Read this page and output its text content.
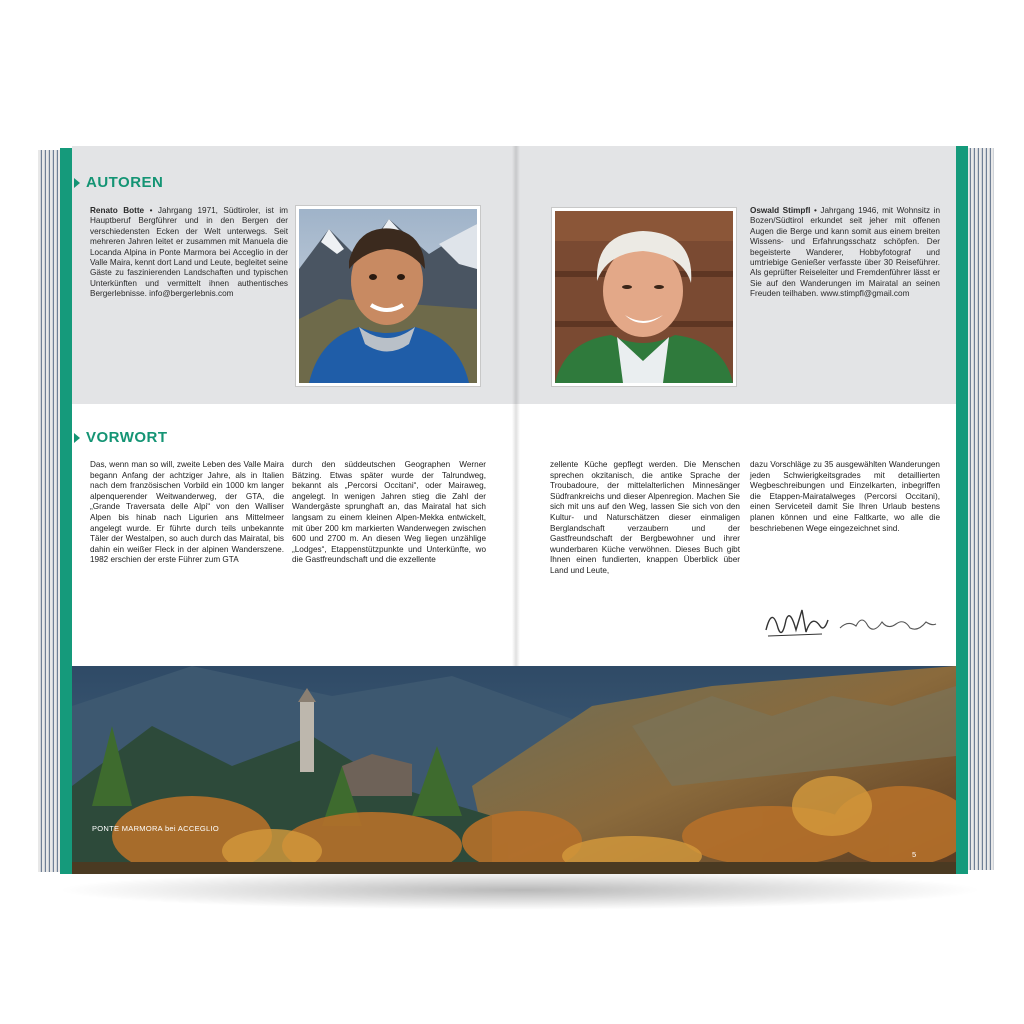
AUTOREN
Renato Botte • Jahrgang 1971, Südtiroler, ist im Hauptberuf Bergführer und in den Bergen der verschiedensten Ecken der Welt unterwegs. Seit mehreren Jahren leitet er zusammen mit Manuela die Locanda Alpina in Ponte Marmora bei Acceglio in der Valle Maira, kennt dort Land und Leute, begleitet seine Gäste zu faszinierenden Landschaften und typischen Unterkünften und vermittelt ihnen authentisches Bergerlebnisse. info@bergerlebnis.com
Oswald Stimpfl • Jahrgang 1946, mit Wohnsitz in Bozen/Südtirol erkundet seit jeher mit offenen Augen die Berge und kann somit aus einem breiten Wissens- und Erfahrungsschatz schöpfen. Der begeisterte Wanderer, Hobbyfotograf und umtriebige Genießer verfasste über 30 Reiseführer. Als geprüfter Reiseleiter und Fremdenführer lässt er Sie auf den Wanderungen im Mairatal an seinen Freuden teilhaben. www.stimpfl@gmail.com
VORWORT
Das, wenn man so will, zweite Leben des Valle Maira begann Anfang der achtziger Jahre, als in Italien nach dem französischen Vorbild ein 1000 km langer alpenquerender Weitwanderweg, der GTA, die „Grande Traversata delle Alpi“ von den Walliser Alpen bis hinab nach Ligurien ans Mittelmeer angelegt wurde. Er führte durch teils unbekannte Täler der Westalpen, so auch durch das Mairatal, bis dahin ein weißer Fleck in der alpinen Wanderszene. 1982 erschien der erste Führer zum GTA
durch den süddeutschen Geographen Werner Bätzing. Etwas später wurde der Talrundweg, bekannt als „Percorsi Occitani“, oder Mairaweg, angelegt. In wenigen Jahren stieg die Zahl der Wandergäste sprunghaft an, das Mairatal hat sich langsam zu einem kleinen Alpen-Mekka entwickelt, mit über 200 km markierten Wanderwegen zwischen 600 und 2700 m. An diesen Weg liegen unzählige „Lodges“, Etappenstützpunkte und Unterkünfte, wo die Gastfreundschaft und die exzellente
zellente Küche gepflegt werden. Die Menschen sprechen okzitanisch, die antike Sprache der Troubadoure, der mittelalterlichen Minnesänger Südfrankreichs und dieser Alpenregion. Machen Sie sich mit uns auf den Weg, lassen Sie sich von den Kultur- und Naturschätzen dieser einmaligen Berglandschaft verzaubern und der Gastfreundschaft der Bergbewohner und ihrer wunderbaren Küche verwöhnen. Dieses Buch gibt Ihnen einen fundierten, knappen Überblick über Land und Leute,
dazu Vorschläge zu 35 ausgewählten Wanderungen jeden Schwierigkeitsgrades mit detaillierten Wegbeschreibungen und Einzelkarten, inbegriffen die Etappen-Mairatalweges (Percorsi Occitani), einen Serviceteil damit Sie Ihren Urlaub bestens planen können und eine Faltkarte, wo alle die beschriebenen Wege eingezeichnet sind.
PONTE MARMORA bei ACCEGLIO
5
